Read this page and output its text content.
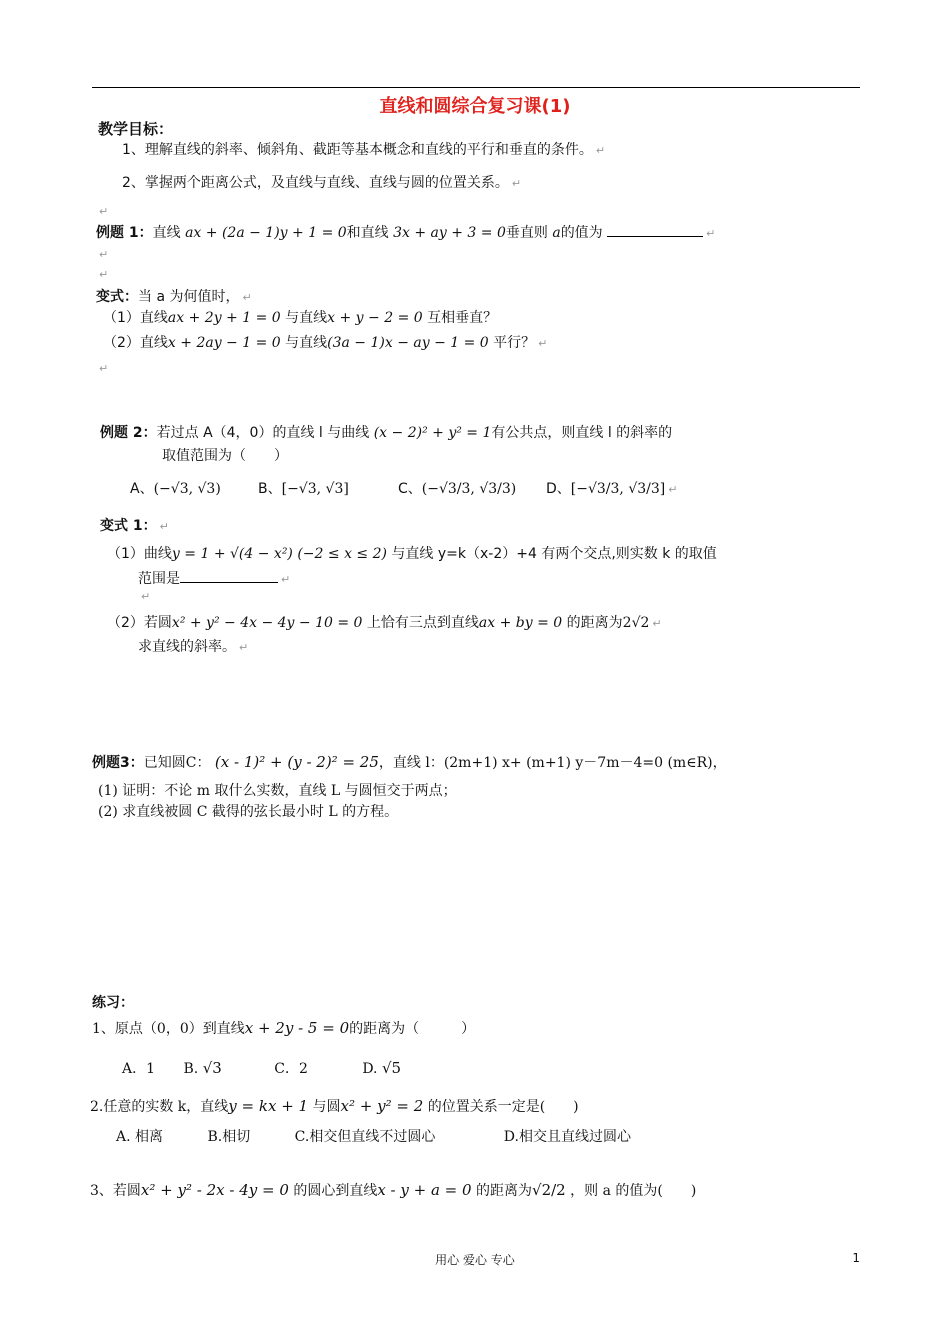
直线和圆综合复习课(1)
教学目标：
1、理解直线的斜率、倾斜角、截距等基本概念和直线的平行和垂直的条件。 ↵
2、掌握两个距离公式，及直线与直线、直线与圆的位置关系。 ↵
↵
例题 1：直线 ax + (2a − 1)y + 1 = 0和直线 3x + ay + 3 = 0垂直则 a的值为	↵
↵
↵
变式：当 a 为何值时， ↵
（1）直线ax + 2y + 1 = 0 与直线x + y − 2 = 0 互相垂直？
（2）直线x + 2ay − 1 = 0 与直线(3a − 1)x − ay − 1 = 0 平行？ ↵
↵
例题 2：若过点 A（4，0）的直线 l 与曲线 (x − 2)² + y² = 1有公共点，则直线 l 的斜率的
取值范围为（　　）
A、(−√3, √3)	B、[−√3, √3]	C、(−√3/3, √3/3) D、[−√3/3, √3/3] ↵
变式 1： ↵
（1）曲线y = 1 + √(4 − x²) (−2 ≤ x ≤ 2) 与直线 y=k（x-2）+4 有两个交点,则实数 k 的取值
范围是	↵
↵
（2）若圆x² + y² − 4x − 4y − 10 = 0 上恰有三点到直线ax + by = 0 的距离为2√2 ↵
求直线的斜率。 ↵
例题3：已知圆C： (x - 1)² + (y - 2)² = 25，直线 l：(2m+1) x+ (m+1) y－7m－4=0 (m∈R)，
(1) 证明：不论 m 取什么实数，直线 L 与圆恒交于两点；
(2) 求直线被圆 C 截得的弦长最小时 L 的方程。
练习：
1、原点（0，0）到直线x + 2y - 5 = 0的距离为（　　　）
A．1 B. √3	C．2	D. √5
2.任意的实数 k，直线y = kx + 1 与圆x² + y² = 2 的位置关系一定是(　　)
A. 相离	B.相切	C.相交但直线不过圆心	D.相交且直线过圆心
3、若圆x² + y² - 2x - 4y = 0 的圆心到直线x - y + a = 0 的距离为√2/2 ，则 a 的值为(　　)
用心 爱心 专心	1
